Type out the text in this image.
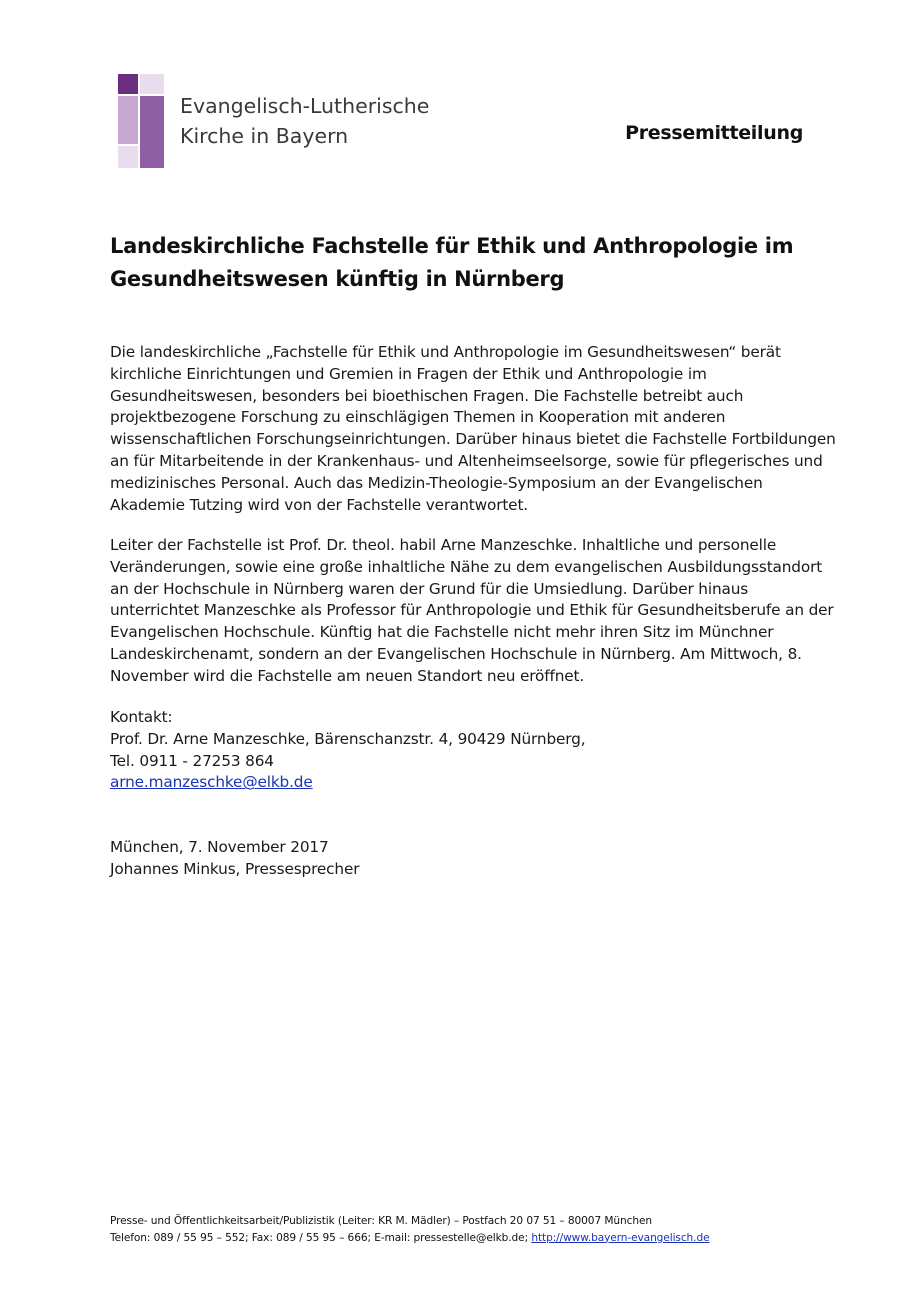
Evangelisch-Lutherische
Kirche in Bayern	Pressemitteilung
Landeskirchliche Fachstelle für Ethik und Anthropologie im
Gesundheitswesen künftig in Nürnberg
Die landeskirchliche „Fachstelle für Ethik und Anthropologie im Gesundheitswesen“ berät
kirchliche Einrichtungen und Gremien in Fragen der Ethik und Anthropologie im
Gesundheitswesen, besonders bei bioethischen Fragen. Die Fachstelle betreibt auch
projektbezogene Forschung zu einschlägigen Themen in Kooperation mit anderen
wissenschaftlichen Forschungseinrichtungen. Darüber hinaus bietet die Fachstelle Fortbildungen
an für Mitarbeitende in der Krankenhaus- und Altenheimseelsorge, sowie für pflegerisches und
medizinisches Personal. Auch das Medizin-Theologie-Symposium an der Evangelischen
Akademie Tutzing wird von der Fachstelle verantwortet.
Leiter der Fachstelle ist Prof. Dr. theol. habil Arne Manzeschke. Inhaltliche und personelle
Veränderungen, sowie eine große inhaltliche Nähe zu dem evangelischen Ausbildungsstandort
an der Hochschule in Nürnberg waren der Grund für die Umsiedlung. Darüber hinaus
unterrichtet Manzeschke als Professor für Anthropologie und Ethik für Gesundheitsberufe an der
Evangelischen Hochschule. Künftig hat die Fachstelle nicht mehr ihren Sitz im Münchner
Landeskirchenamt, sondern an der Evangelischen Hochschule in Nürnberg. Am Mittwoch, 8.
November wird die Fachstelle am neuen Standort neu eröffnet.
Kontakt:
Prof. Dr. Arne Manzeschke, Bärenschanzstr. 4, 90429 Nürnberg,
Tel. 0911 - 27253 864
arne.manzeschke@elkb.de
München, 7. November 2017
Johannes Minkus, Pressesprecher
Presse- und Öffentlichkeitsarbeit/Publizistik (Leiter: KR M. Mädler) – Postfach 20 07 51 – 80007 München
Telefon: 089 / 55 95 – 552; Fax: 089 / 55 95 – 666; E-mail: pressestelle@elkb.de; http://www.bayern-evangelisch.de
